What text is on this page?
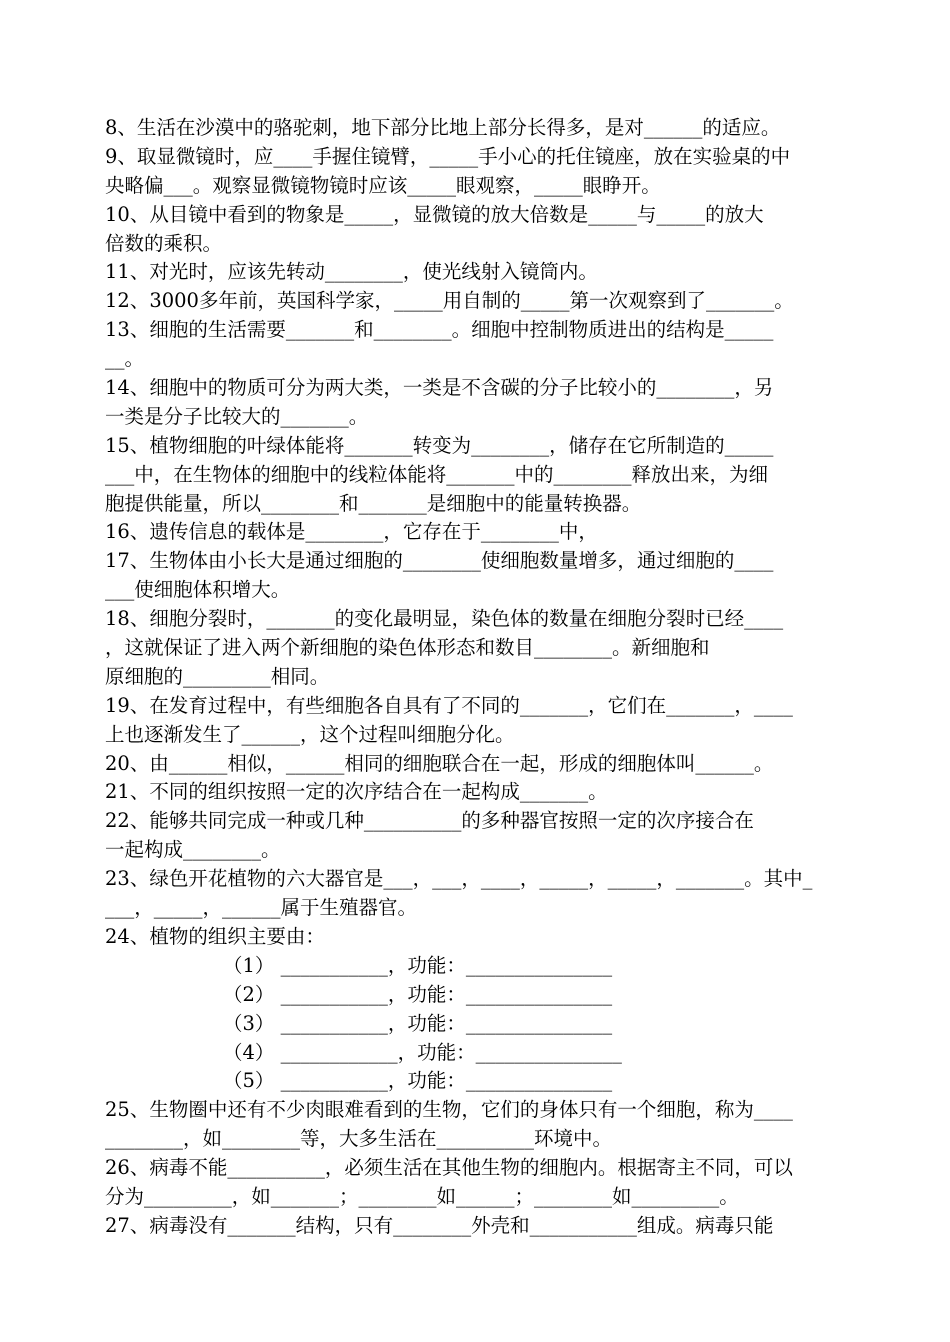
8、生活在沙漠中的骆驼刺，地下部分比地上部分长得多，是对______的适应。
9、取显微镜时，应____手握住镜臂，_____手小心的托住镜座，放在实验桌的中
央略偏___。观察显微镜物镜时应该_____眼观察，_____眼睁开。
10、从目镜中看到的物象是_____，显微镜的放大倍数是_____与_____的放大
倍数的乘积。
11、对光时，应该先转动________，使光线射入镜筒内。
12、3000多年前，英国科学家，_____用自制的_____第一次观察到了_______。
13、细胞的生活需要_______和________。细胞中控制物质进出的结构是_____
__。
14、细胞中的物质可分为两大类，一类是不含碳的分子比较小的________，另
一类是分子比较大的_______。
15、植物细胞的叶绿体能将_______转变为________，储存在它所制造的_____
___中，在生物体的细胞中的线粒体能将_______中的________释放出来，为细
胞提供能量，所以________和_______是细胞中的能量转换器。
16、遗传信息的载体是________，它存在于________中，
17、生物体由小长大是通过细胞的________使细胞数量增多，通过细胞的____
___使细胞体积增大。
18、细胞分裂时，_______的变化最明显，染色体的数量在细胞分裂时已经____
，这就保证了进入两个新细胞的染色体形态和数目________。新细胞和
原细胞的_________相同。
19、在发育过程中，有些细胞各自具有了不同的_______，它们在_______，____
上也逐渐发生了______，这个过程叫细胞分化。
20、由______相似，______相同的细胞联合在一起，形成的细胞体叫______。
21、不同的组织按照一定的次序结合在一起构成_______。
22、能够共同完成一种或几种__________的多种器官按照一定的次序接合在
一起构成________。
23、绿色开花植物的六大器官是___，___，____，_____，_____，_______。其中_
___，_____，______属于生殖器官。
24、植物的组织主要由：
（1） ___________，功能：_______________
（2） ___________，功能：_______________
（3） ___________，功能：_______________
（4） ____________，功能：_______________
（5） ___________，功能：_______________
25、生物圈中还有不少肉眼难看到的生物，它们的身体只有一个细胞，称为____
________，如________等，大多生活在__________环境中。
26、病毒不能__________，必须生活在其他生物的细胞内。根据寄主不同，可以
分为_________，如_______；________如______；________如_________。
27、病毒没有_______结构，只有________外壳和___________组成。病毒只能
